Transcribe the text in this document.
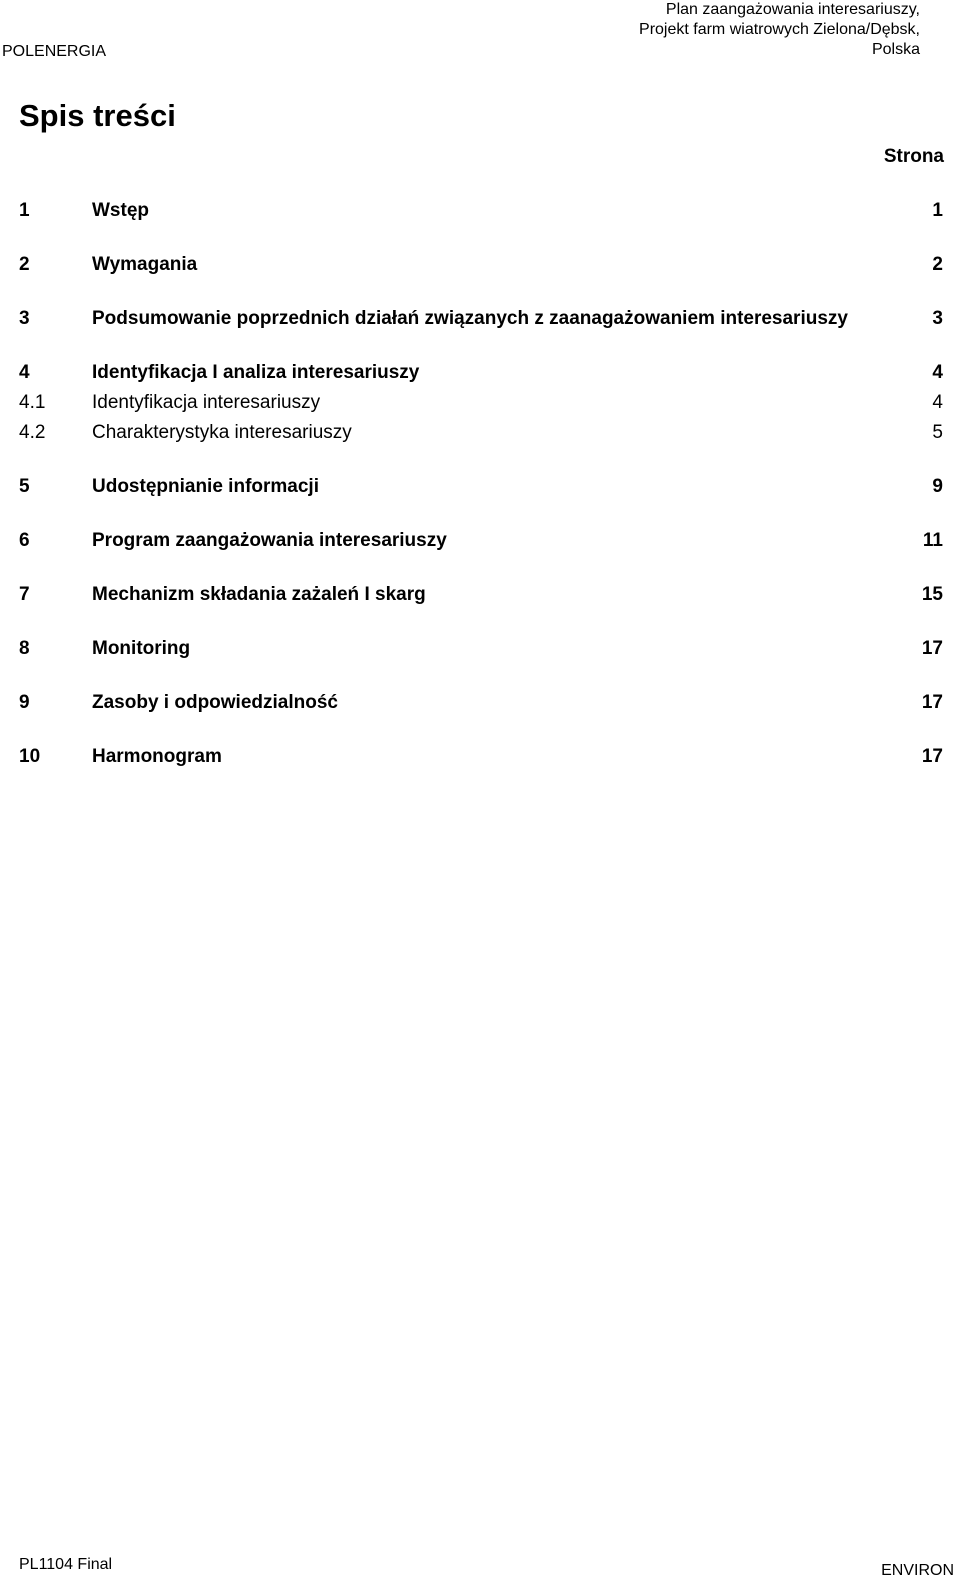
POLENERGIA
Plan zaangażowania interesariuszy,
Projekt farm wiatrowych Zielona/Dębsk,
Polska
Spis treści
Strona
1	Wstęp	1
2	Wymagania	2
3	Podsumowanie poprzednich działań związanych z zaanagażowaniem interesariuszy	3
4	Identyfikacja I analiza interesariuszy	4
4.1 Identyfikacja interesariuszy	4
4.2 Charakterystyka interesariuszy	5
5	Udostępnianie informacji	9
6	Program zaangażowania interesariuszy	11
7	Mechanizm składania zażaleń I skarg	15
8	Monitoring	17
9	Zasoby i odpowiedzialność	17
10	Harmonogram	17
PL1104 Final	ENVIRON
